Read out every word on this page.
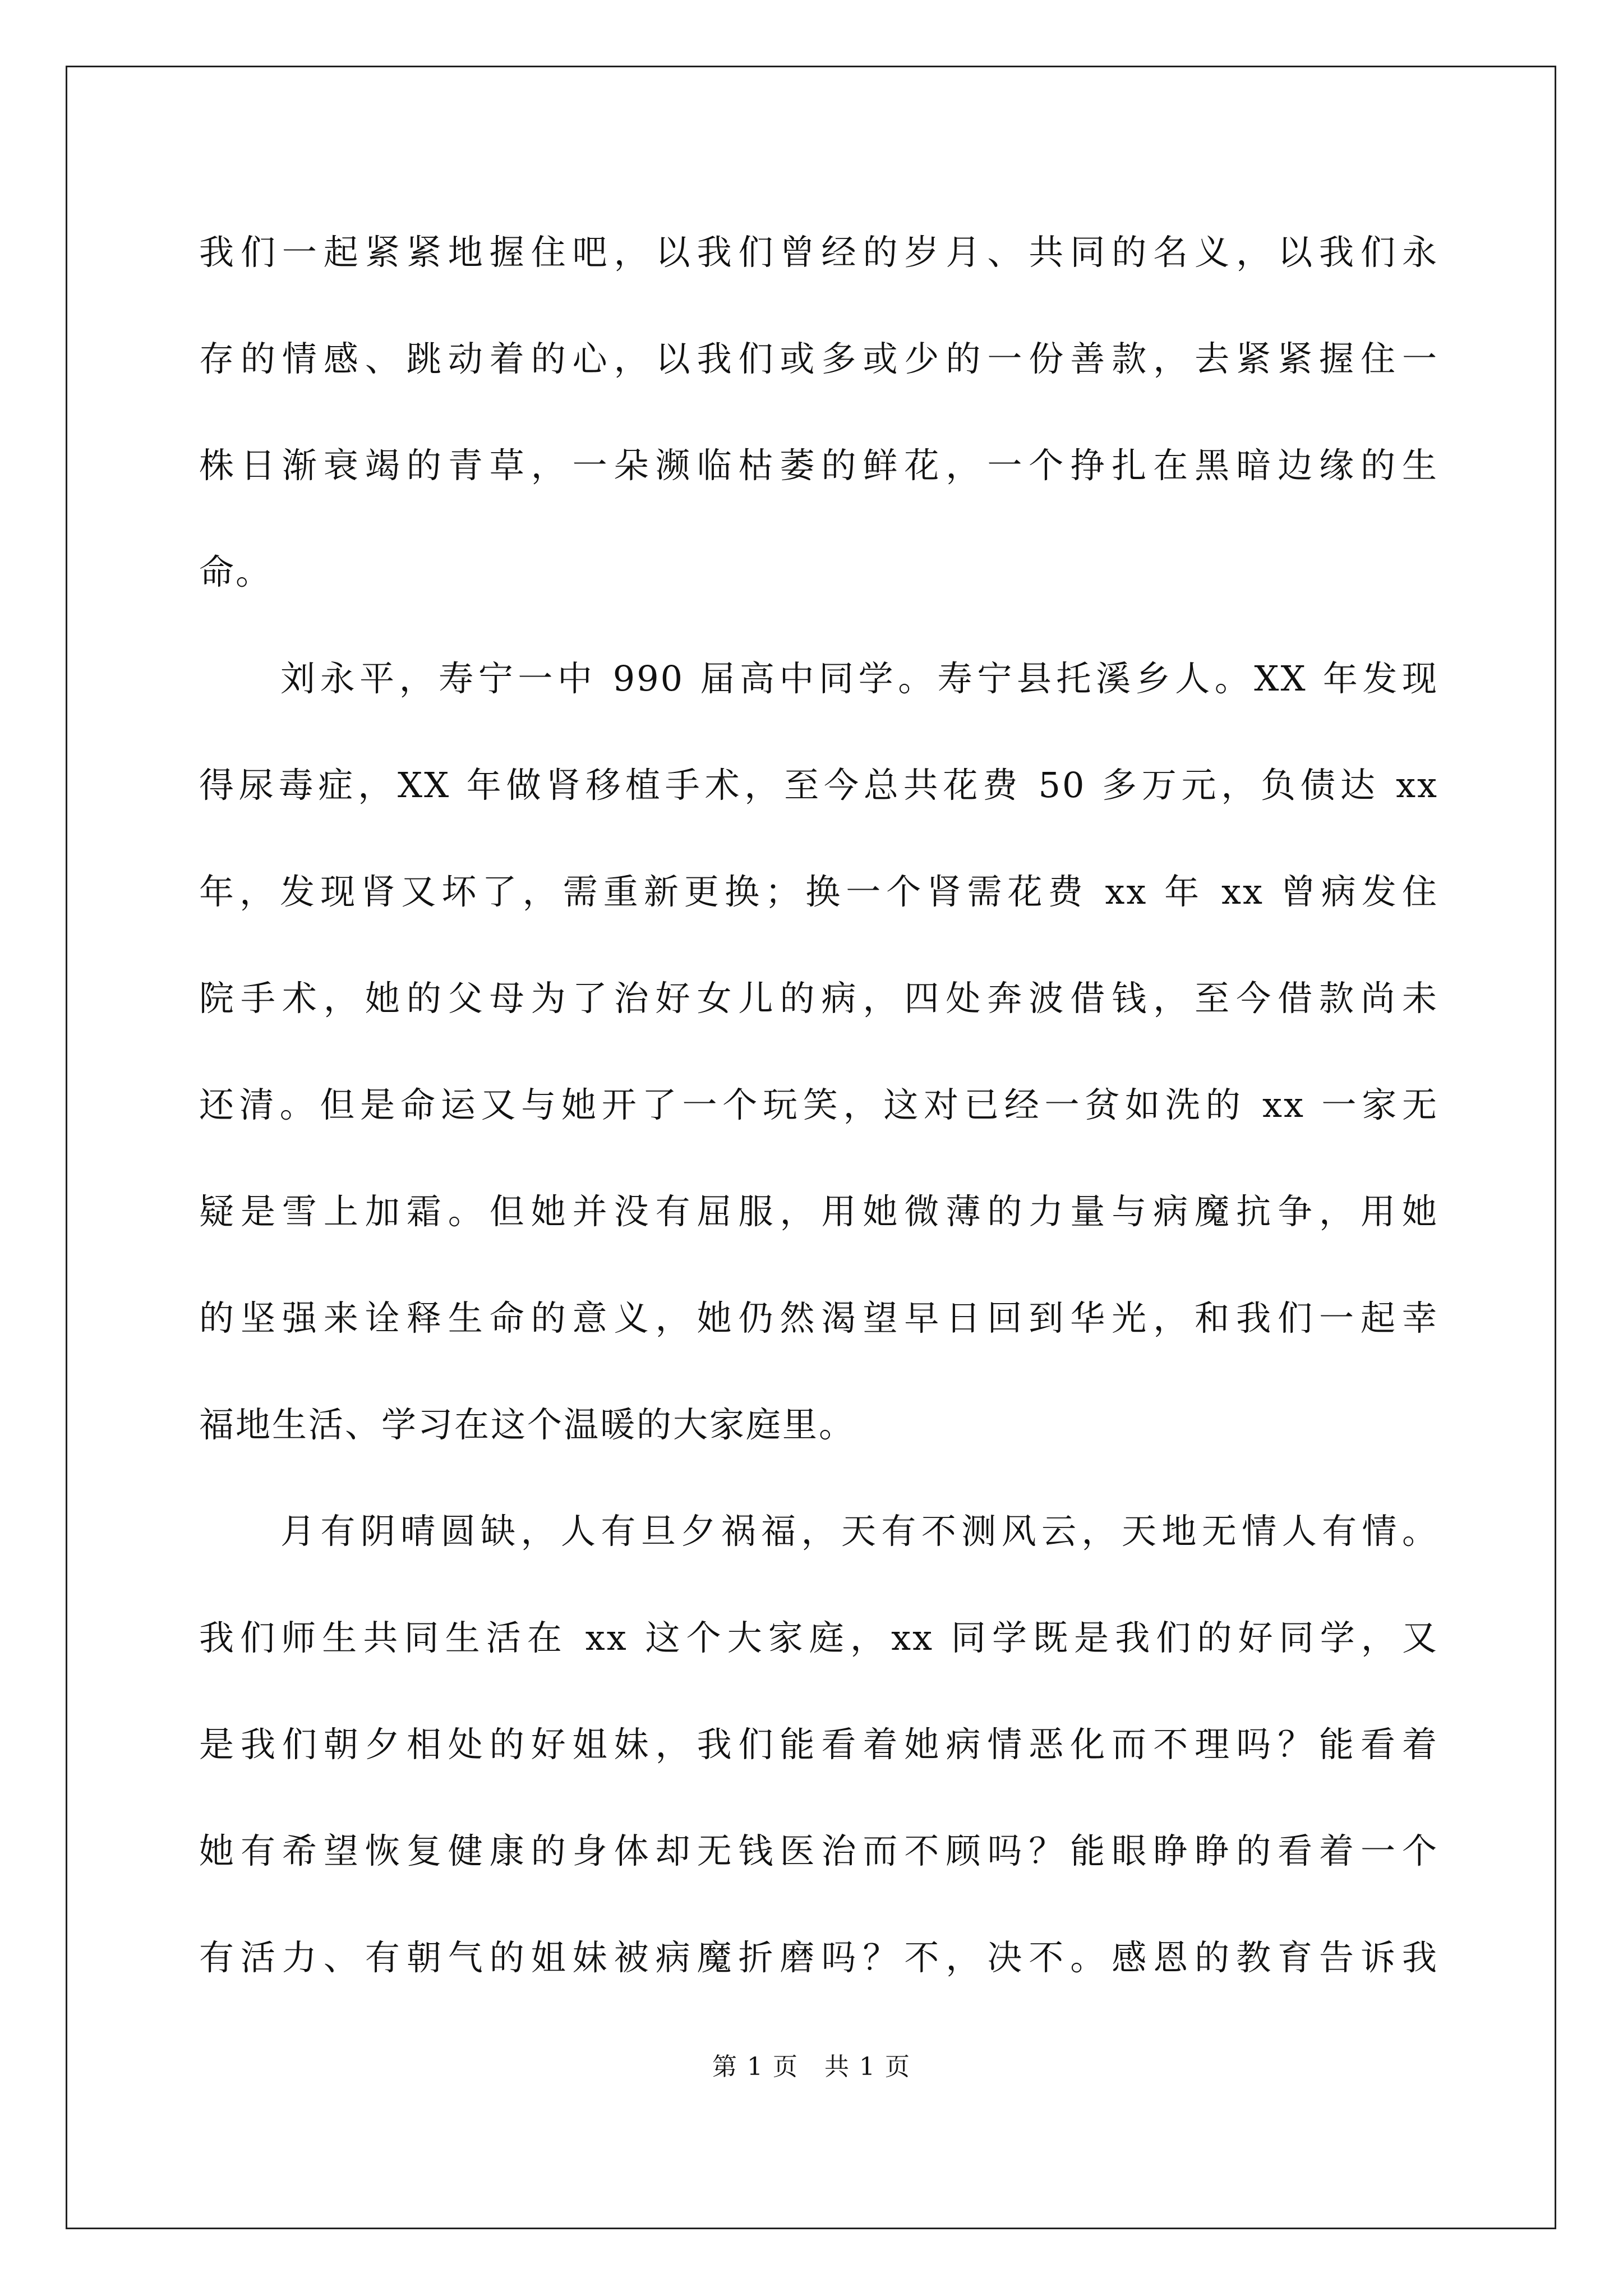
我们一起紧紧地握住吧，以我们曾经的岁月、共同的名义，以我们永
存的情感、跳动着的心，以我们或多或少的一份善款，去紧紧握住一
株日渐衰竭的青草，一朵濒临枯萎的鲜花，一个挣扎在黑暗边缘的生
命。
刘永平，寿宁一中 990 届高中同学。寿宁县托溪乡人。XX 年发现
得尿毒症，XX 年做肾移植手术，至今总共花费 50 多万元，负债达 xx
年，发现肾又坏了，需重新更换；换一个肾需花费 xx 年 xx 曾病发住
院手术，她的父母为了治好女儿的病，四处奔波借钱，至今借款尚未
还清。但是命运又与她开了一个玩笑，这对已经一贫如洗的 xx 一家无
疑是雪上加霜。但她并没有屈服，用她微薄的力量与病魔抗争，用她
的坚强来诠释生命的意义，她仍然渴望早日回到华光，和我们一起幸
福地生活、学习在这个温暖的大家庭里。
月有阴晴圆缺，人有旦夕祸福，天有不测风云，天地无情人有情。
我们师生共同生活在 xx 这个大家庭，xx 同学既是我们的好同学，又
是我们朝夕相处的好姐妹，我们能看着她病情恶化而不理吗？能看着
她有希望恢复健康的身体却无钱医治而不顾吗？能眼睁睁的看着一个
有活力、有朝气的姐妹被病魔折磨吗？不，决不。感恩的教育告诉我
第 1 页　共 1 页
